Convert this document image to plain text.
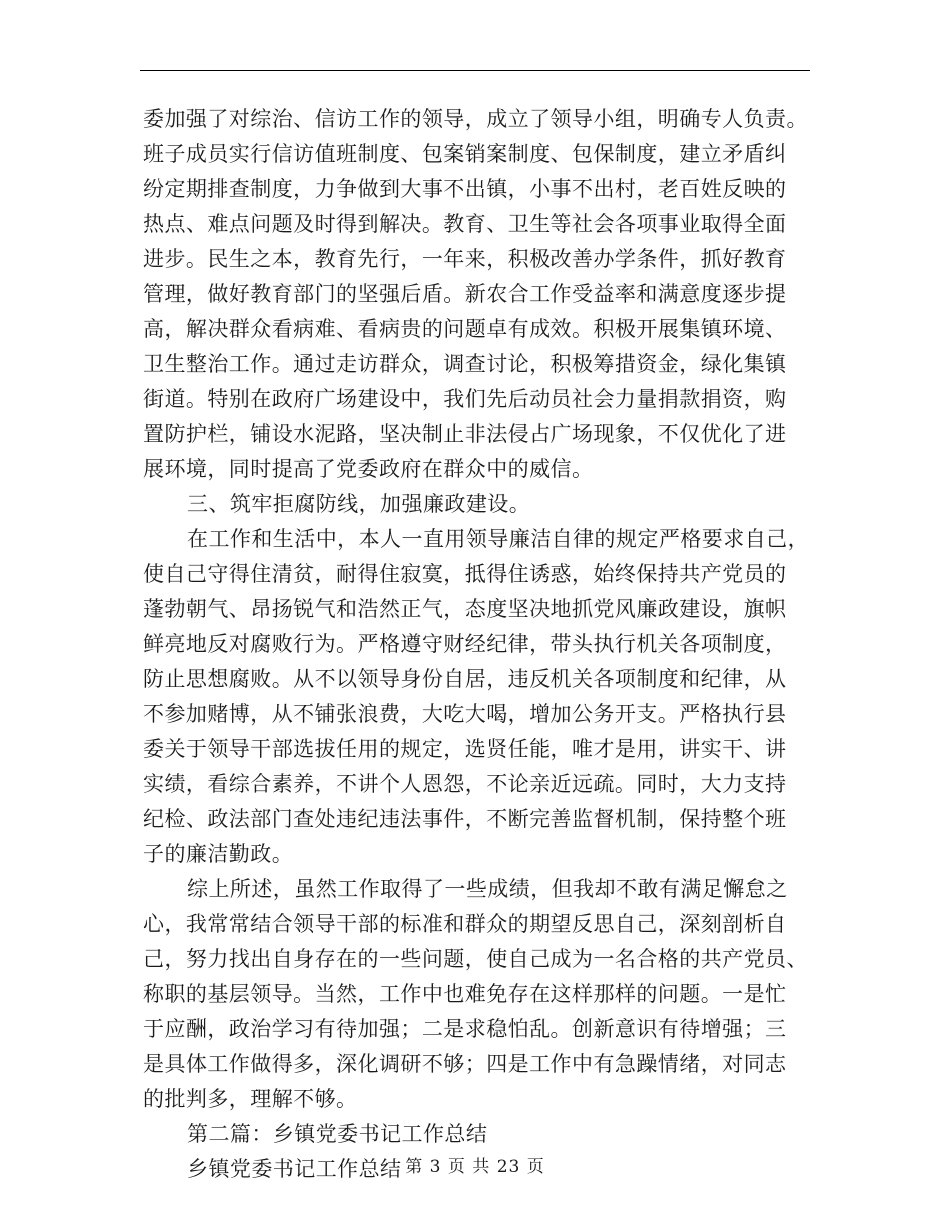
委加强了对综治、信访工作的领导，成立了领导小组，明确专人负责。
班子成员实行信访值班制度、包案销案制度、包保制度，建立矛盾纠
纷定期排查制度，力争做到大事不出镇，小事不出村，老百姓反映的
热点、难点问题及时得到解决。教育、卫生等社会各项事业取得全面
进步。民生之本，教育先行，一年来，积极改善办学条件，抓好教育
管理，做好教育部门的坚强后盾。新农合工作受益率和满意度逐步提
高，解决群众看病难、看病贵的问题卓有成效。积极开展集镇环境、
卫生整治工作。通过走访群众，调查讨论，积极筹措资金，绿化集镇
街道。特别在政府广场建设中，我们先后动员社会力量捐款捐资，购
置防护栏，铺设水泥路，坚决制止非法侵占广场现象，不仅优化了进
展环境，同时提高了党委政府在群众中的威信。
三、筑牢拒腐防线，加强廉政建设。
在工作和生活中，本人一直用领导廉洁自律的规定严格要求自己，
使自己守得住清贫，耐得住寂寞，抵得住诱惑，始终保持共产党员的
蓬勃朝气、昂扬锐气和浩然正气，态度坚决地抓党风廉政建设，旗帜
鲜亮地反对腐败行为。严格遵守财经纪律，带头执行机关各项制度，
防止思想腐败。从不以领导身份自居，违反机关各项制度和纪律，从
不参加赌博，从不铺张浪费，大吃大喝，增加公务开支。严格执行县
委关于领导干部选拔任用的规定，选贤任能，唯才是用，讲实干、讲
实绩，看综合素养，不讲个人恩怨，不论亲近远疏。同时，大力支持
纪检、政法部门查处违纪违法事件，不断完善监督机制，保持整个班
子的廉洁勤政。
综上所述，虽然工作取得了一些成绩，但我却不敢有满足懈怠之
心，我常常结合领导干部的标准和群众的期望反思自己，深刻剖析自
己，努力找出自身存在的一些问题，使自己成为一名合格的共产党员、
称职的基层领导。当然，工作中也难免存在这样那样的问题。一是忙
于应酬，政治学习有待加强；二是求稳怕乱。创新意识有待增强；三
是具体工作做得多，深化调研不够；四是工作中有急躁情绪，对同志
的批判多，理解不够。
第二篇：乡镇党委书记工作总结
乡镇党委书记工作总结 第 3 页 共 23 页
